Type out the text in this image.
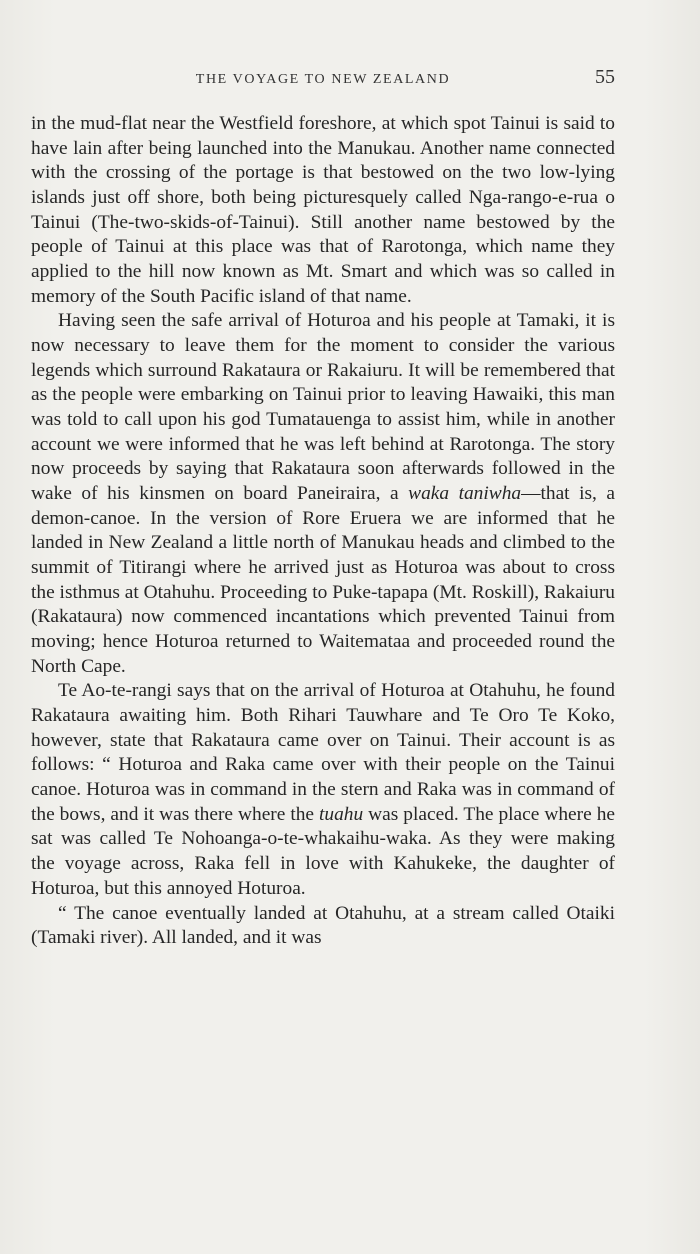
THE VOYAGE TO NEW ZEALAND	55

in the mud-flat near the Westfield foreshore, at which spot Tainui is said to have lain after being launched into the Manukau. Another name connected with the crossing of the portage is that bestowed on the two low-lying islands just off shore, both being picturesquely called Nga-rango-e-rua o Tainui (The-two-skids-of-Tainui). Still another name bestowed by the people of Tainui at this place was that of Rarotonga, which name they applied to the hill now known as Mt. Smart and which was so called in memory of the South Pacific island of that name.

Having seen the safe arrival of Hoturoa and his people at Tamaki, it is now necessary to leave them for the moment to consider the various legends which surround Rakataura or Rakaiuru. It will be remembered that as the people were embarking on Tainui prior to leaving Hawaiki, this man was told to call upon his god Tumatauenga to assist him, while in another account we were informed that he was left behind at Rarotonga. The story now proceeds by saying that Rakataura soon afterwards followed in the wake of his kinsmen on board Paneiraira, a waka taniwha—that is, a demon-canoe. In the version of Rore Eruera we are informed that he landed in New Zealand a little north of Manukau heads and climbed to the summit of Titirangi where he arrived just as Hoturoa was about to cross the isthmus at Otahuhu. Proceeding to Puke-tapapa (Mt. Roskill), Rakaiuru (Rakataura) now commenced incantations which prevented Tainui from moving; hence Hoturoa returned to Waitemataa and proceeded round the North Cape.

Te Ao-te-rangi says that on the arrival of Hoturoa at Otahuhu, he found Rakataura awaiting him. Both Rihari Tauwhare and Te Oro Te Koko, however, state that Rakataura came over on Tainui. Their account is as follows: “ Hoturoa and Raka came over with their people on the Tainui canoe. Hoturoa was in command in the stern and Raka was in command of the bows, and it was there where the tuahu was placed. The place where he sat was called Te Nohoanga-o-te-whakaihu-waka. As they were making the voyage across, Raka fell in love with Kahukeke, the daughter of Hoturoa, but this annoyed Hoturoa.

“ The canoe eventually landed at Otahuhu, at a stream called Otaiki (Tamaki river). All landed, and it was
